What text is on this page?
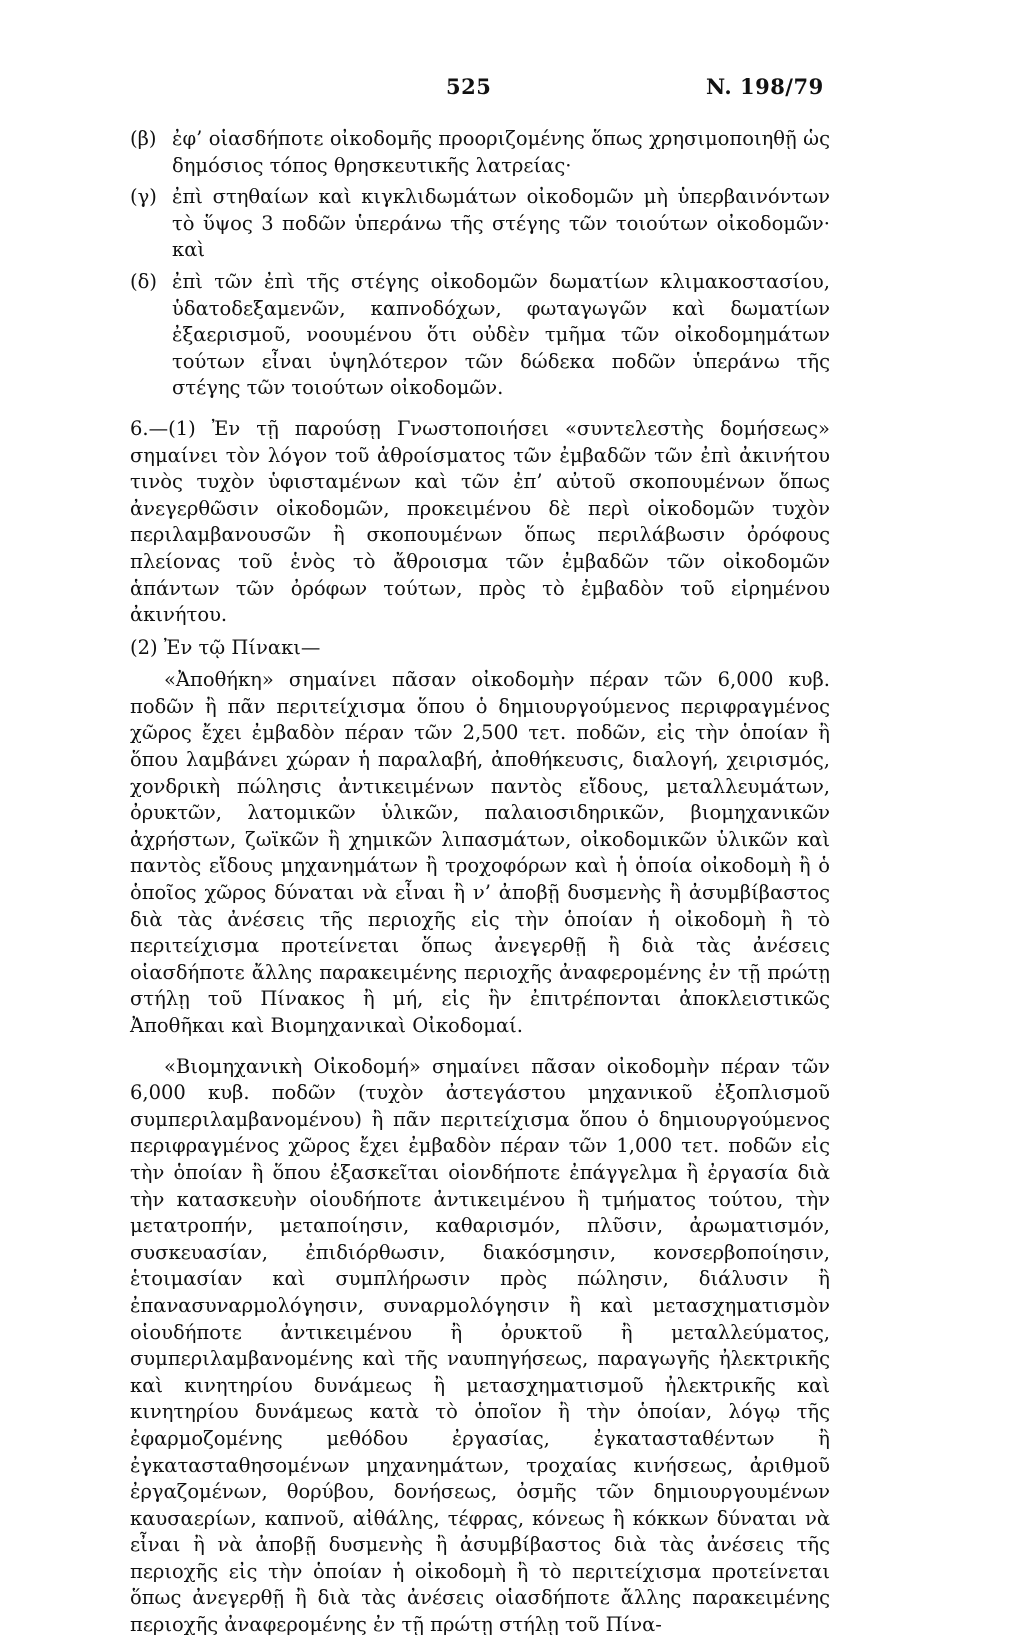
525	N. 198/79
(β) ἐφ’ οἱασδήποτε οἰκοδομῆς προοριζομένης ὅπως χρησιμοποιηθῇ ὡς δημόσιος τόπος θρησκευτικῆς λατρείας·
(γ) ἐπὶ στηθαίων καὶ κιγκλιδωμάτων οἰκοδομῶν μὴ ὑπερβαινόντων τὸ ὕψος 3 ποδῶν ὑπεράνω τῆς στέγης τῶν τοιούτων οἰκοδομῶν· καὶ
(δ) ἐπὶ τῶν ἐπὶ τῆς στέγης οἰκοδομῶν δωματίων κλιμακοστασίου, ὑδατοδεξαμενῶν, καπνοδόχων, φωταγωγῶν καὶ δωματίων ἐξαερισμοῦ, νοουμένου ὅτι οὐδὲν τμῆμα τῶν οἰκοδομημάτων τούτων εἶναι ὑψηλότερον τῶν δώδεκα ποδῶν ὑπεράνω τῆς στέγης τῶν τοιούτων οἰκοδομῶν.

6.—(1) Ἐν τῇ παρούσῃ Γνωστοποιήσει «συντελεστὴς δομήσεως» σημαίνει τὸν λόγον τοῦ ἀθροίσματος τῶν ἐμβαδῶν τῶν ἐπὶ ἀκινήτου τινὸς τυχὸν ὑφισταμένων καὶ τῶν ἐπ’ αὐτοῦ σκοπουμένων ὅπως ἀνεγερθῶσιν οἰκοδομῶν, προκειμένου δὲ περὶ οἰκοδομῶν τυχὸν περιλαμβανουσῶν ἢ σκοπουμένων ὅπως περιλάβωσιν ὀρόφους πλείονας τοῦ ἑνὸς τὸ ἄθροισμα τῶν ἐμβαδῶν τῶν οἰκοδομῶν ἁπάντων τῶν ὀρόφων τούτων, πρὸς τὸ ἐμβαδὸν τοῦ εἰρημένου ἀκινήτου.

(2) Ἐν τῷ Πίνακι—

«Ἀποθήκη» σημαίνει πᾶσαν οἰκοδομὴν πέραν τῶν 6,000 κυβ. ποδῶν ἢ πᾶν περιτείχισμα ὅπου ὁ δημιουργούμενος περιφραγμένος χῶρος ἔχει ἐμβαδὸν πέραν τῶν 2,500 τετ. ποδῶν, εἰς τὴν ὁποίαν ἢ ὅπου λαμβάνει χώραν ἡ παραλαβή, ἀποθήκευσις, διαλογή, χειρισμός, χονδρικὴ πώλησις ἀντικειμένων παντὸς εἴδους, μεταλλευμάτων, ὀρυκτῶν, λατομικῶν ὑλικῶν, παλαιοσιδηρικῶν, βιομηχανικῶν ἀχρήστων, ζωϊκῶν ἢ χημικῶν λιπασμάτων, οἰκοδομικῶν ὑλικῶν καὶ παντὸς εἴδους μηχανημάτων ἢ τροχοφόρων καὶ ἡ ὁποία οἰκοδομὴ ἢ ὁ ὁποῖος χῶρος δύναται νὰ εἶναι ἢ ν’ ἀποβῇ δυσμενὴς ἢ ἀσυμβίβαστος διὰ τὰς ἀνέσεις τῆς περιοχῆς εἰς τὴν ὁποίαν ἡ οἰκοδομὴ ἢ τὸ περιτείχισμα προτείνεται ὅπως ἀνεγερθῇ ἢ διὰ τὰς ἀνέσεις οἱασδήποτε ἄλλης παρακειμένης περιοχῆς ἀναφερομένης ἐν τῇ πρώτῃ στήλῃ τοῦ Πίνακος ἢ μή, εἰς ἣν ἐπιτρέπονται ἀποκλειστικῶς Ἀποθῆκαι καὶ Βιομηχανικαὶ Οἰκοδομαί.

«Βιομηχανικὴ Οἰκοδομή» σημαίνει πᾶσαν οἰκοδομὴν πέραν τῶν 6,000 κυβ. ποδῶν (τυχὸν ἀστεγάστου μηχανικοῦ ἐξοπλισμοῦ συμπεριλαμβανομένου) ἢ πᾶν περιτείχισμα ὅπου ὁ δημιουργούμενος περιφραγμένος χῶρος ἔχει ἐμβαδὸν πέραν τῶν 1,000 τετ. ποδῶν εἰς τὴν ὁποίαν ἢ ὅπου ἐξασκεῖται οἱονδήποτε ἐπάγγελμα ἢ ἐργασία διὰ τὴν κατασκευὴν οἱουδήποτε ἀντικειμένου ἢ τμήματος τούτου, τὴν μετατροπήν, μεταποίησιν, καθαρισμόν, πλῦσιν, ἀρωματισμόν, συσκευασίαν, ἐπιδιόρθωσιν, διακόσμησιν, κονσερβοποίησιν, ἑτοιμασίαν καὶ συμπλήρωσιν πρὸς πώλησιν, διάλυσιν ἢ ἐπανασυναρμολόγησιν, συναρμολόγησιν ἢ καὶ μετασχηματισμὸν οἱουδήποτε ἀντικειμένου ἢ ὀρυκτοῦ ἢ μεταλλεύματος, συμπεριλαμβανομένης καὶ τῆς ναυπηγήσεως, παραγωγῆς ἠλεκτρικῆς καὶ κινητηρίου δυνάμεως ἢ μετασχηματισμοῦ ἠλεκτρικῆς καὶ κινητηρίου δυνάμεως κατὰ τὸ ὁποῖον ἢ τὴν ὁποίαν, λόγῳ τῆς ἐφαρμοζομένης μεθόδου ἐργασίας, ἐγκατασταθέντων ἢ ἐγκατασταθησομένων μηχανημάτων, τροχαίας κινήσεως, ἀριθμοῦ ἐργαζομένων, θορύβου, δονήσεως, ὀσμῆς τῶν δημιουργουμένων καυσαερίων, καπνοῦ, αἰθάλης, τέφρας, κόνεως ἢ κόκκων δύναται νὰ εἶναι ἢ νὰ ἀποβῇ δυσμενὴς ἢ ἀσυμβίβαστος διὰ τὰς ἀνέσεις τῆς περιοχῆς εἰς τὴν ὁποίαν ἡ οἰκοδομὴ ἢ τὸ περιτείχισμα προτείνεται ὅπως ἀνεγερθῇ ἢ διὰ τὰς ἀνέσεις οἱασδήποτε ἄλλης παρακειμένης περιοχῆς ἀναφερομένης ἐν τῇ πρώτῃ στήλῃ τοῦ Πίνα-
